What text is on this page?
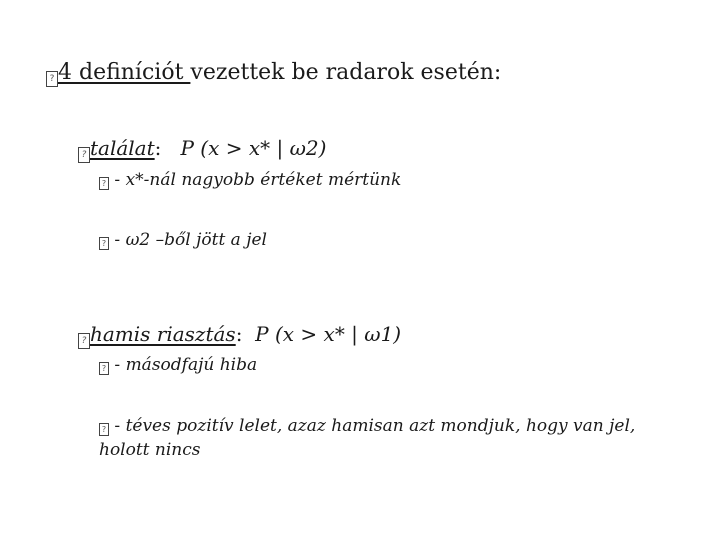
? 4 definíciót vezettek be radarok esetén:
? találat: P (x > x* | ω2)
? - x*-nál nagyobb értéket mértünk
? - ω2 –ből jött a jel
? hamis riasztás: P (x > x* | ω1)
? - másodfajú hiba
? - téves pozitív lelet, azaz hamisan azt mondjuk, hogy van jel, holott nincs
